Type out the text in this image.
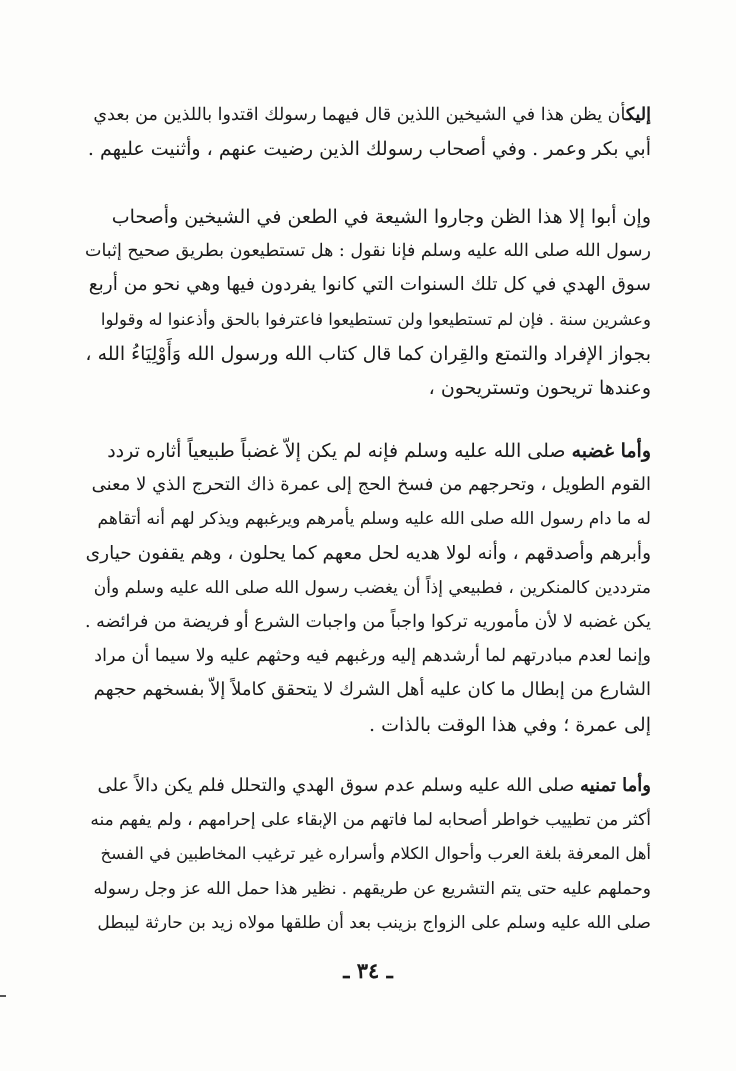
إليكأن يظن هذا في الشيخين اللذين قال فيهما رسولك اقتدوا باللذين من بعدي
أبي بكر وعمر . وفي أصحاب رسولك الذين رضيت عنهم ، وأثنيت عليهم .
وإن أبوا إلا هذا الظن وجاروا الشيعة في الطعن في الشيخين وأصحاب
رسول الله صلى الله عليه وسلم فإنا نقول : هل تستطيعون بطريق صحيح إثبات
سوق الهدي في كل تلك السنوات التي كانوا يفردون فيها وهي نحو من أربع
وعشرين سنة . فإن لم تستطيعوا ولن تستطيعوا فاعترفوا بالحق وأذعنوا له وقولوا
بجواز الإفراد والتمتع والقِران كما قال كتاب الله ورسول الله وَأَوْلِيَاءُ الله ،
وعندها تريحون وتستريحون ،
وأما غضبه صلى الله عليه وسلم فإنه لم يكن إلاّ غضباً طبيعياً أثاره تردد
القوم الطويل ، وتحرجهم من فسخ الحج إلى عمرة ذاك التحرج الذي لا معنى
له ما دام رسول الله صلى الله عليه وسلم يأمرهم ويرغبهم ويذكر لهم أنه أتقاهم
وأبرهم وأصدقهم ، وأنه لولا هديه لحل معهم كما يحلون ، وهم يقفون حيارى
مترددين كالمنكرين ، فطبيعي إذاً أن يغضب رسول الله صلى الله عليه وسلم وأن
يكن غضبه لا لأن مأموريه تركوا واجباً من واجبات الشرع أو فريضة من فرائضه .
وإنما لعدم مبادرتهم لما أرشدهم إليه ورغبهم فيه وحثهم عليه ولا سيما أن مراد
الشارع من إبطال ما كان عليه أهل الشرك لا يتحقق كاملاً إلاّ بفسخهم حجهم
إلى عمرة ؛ وفي هذا الوقت بالذات .
وأما تمنيه صلى الله عليه وسلم عدم سوق الهدي والتحلل فلم يكن دالاً على
أكثر من تطييب خواطر أصحابه لما فاتهم من الإبقاء على إحرامهم ، ولم يفهم منه
أهل المعرفة بلغة العرب وأحوال الكلام وأسراره غير ترغيب المخاطبين في الفسخ
وحملهم عليه حتى يتم التشريع عن طريقهم . نظير هذا حمل الله عز وجل رسوله
صلى الله عليه وسلم على الزواج بزينب بعد أن طلقها مولاه زيد بن حارثة ليبطل
ـ ٣٤ ـ
